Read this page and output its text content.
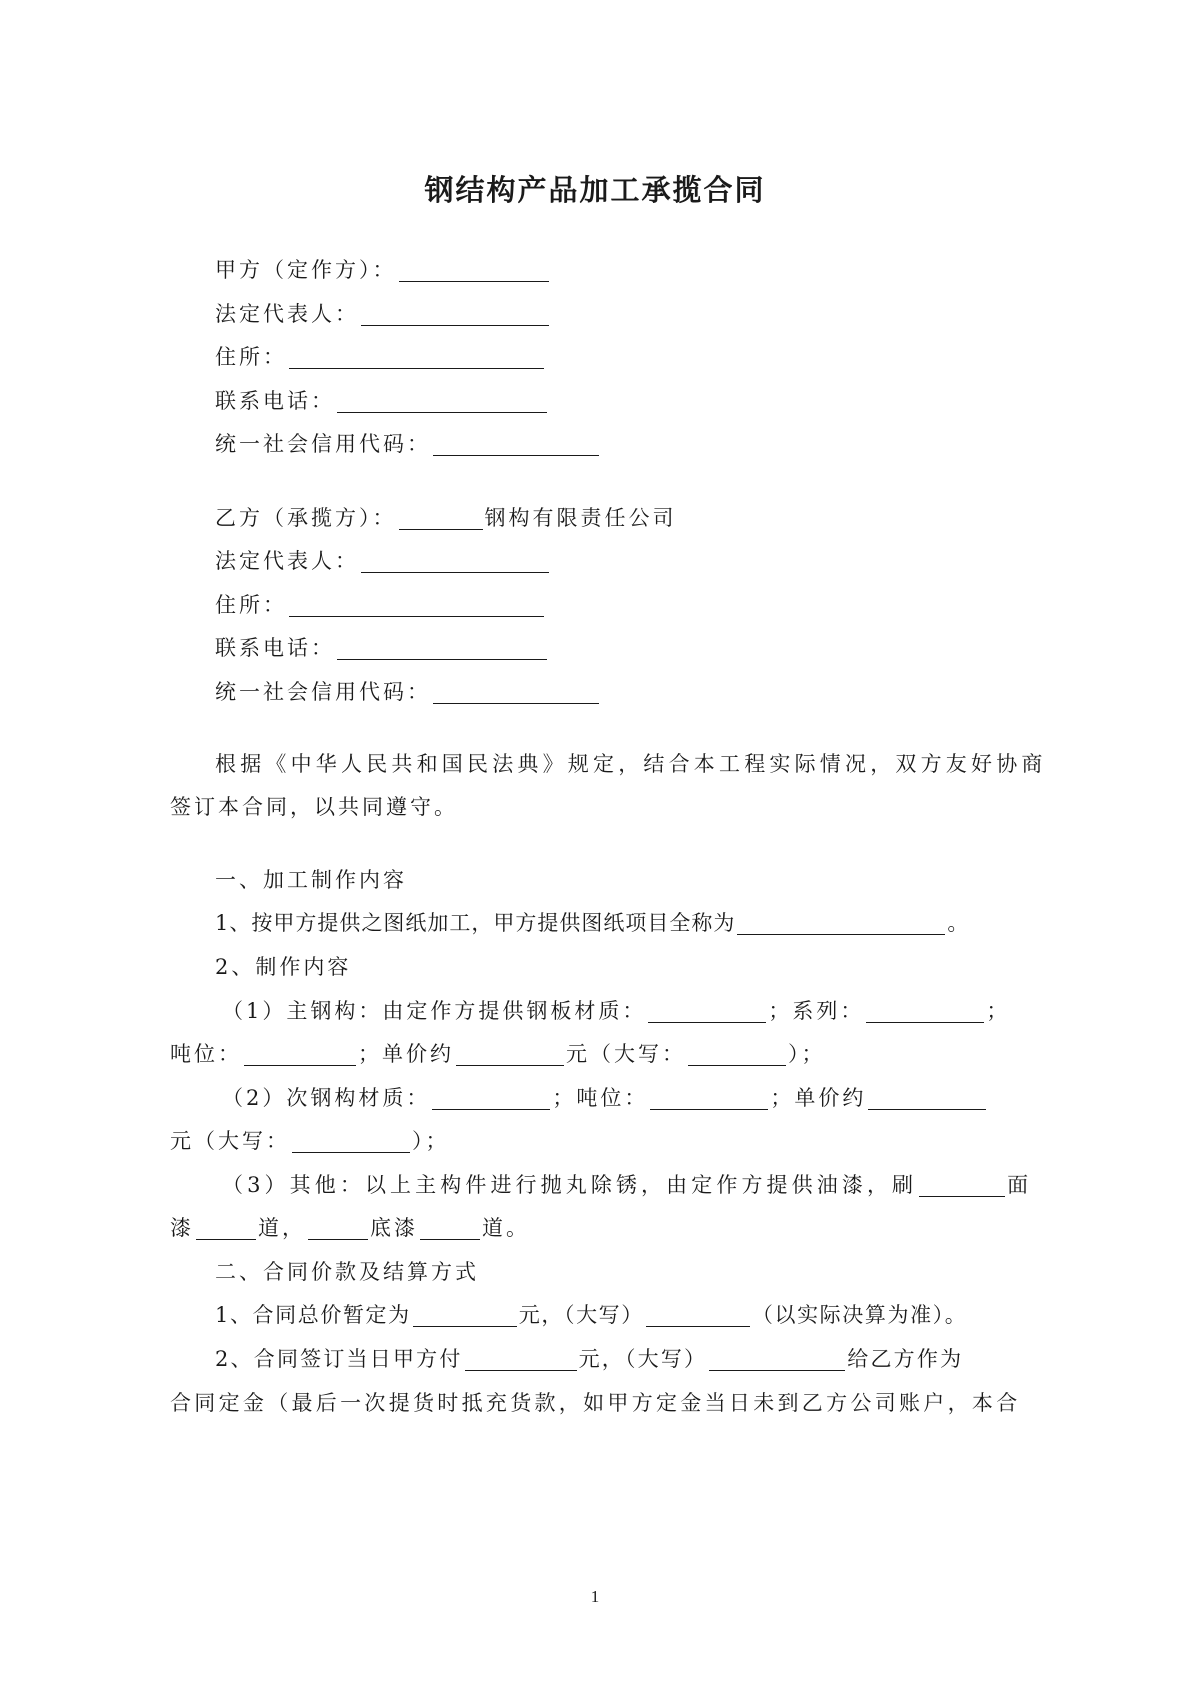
钢结构产品加工承揽合同
甲方（定作方）：
法定代表人：
住所：
联系电话：
统一社会信用代码：
乙方（承揽方）：	钢构有限责任公司
法定代表人：
住所：
联系电话：
统一社会信用代码：
根据《中华人民共和国民法典》规定，结合本工程实际情况，双方友好协商
签订本合同，以共同遵守。
一、加工制作内容
1、按甲方提供之图纸加工，甲方提供图纸项目全称为	。
2、制作内容
（1）主钢构：由定作方提供钢板材质：	；系列：	；
吨位：	；单价约	元（大写：	）；
（2）次钢构材质：	；吨位：	；单价约
元（大写：	）；
（3）其他：以上主构件进行抛丸除锈，由定作方提供油漆，刷	面
漆	道，	底漆	道。
二、合同价款及结算方式
1、合同总价暂定为	元，（大写）	（以实际决算为准）。
2、合同签订当日甲方付	元，（大写）	给乙方作为
合同定金（最后一次提货时抵充货款，如甲方定金当日未到乙方公司账户，本合
1
